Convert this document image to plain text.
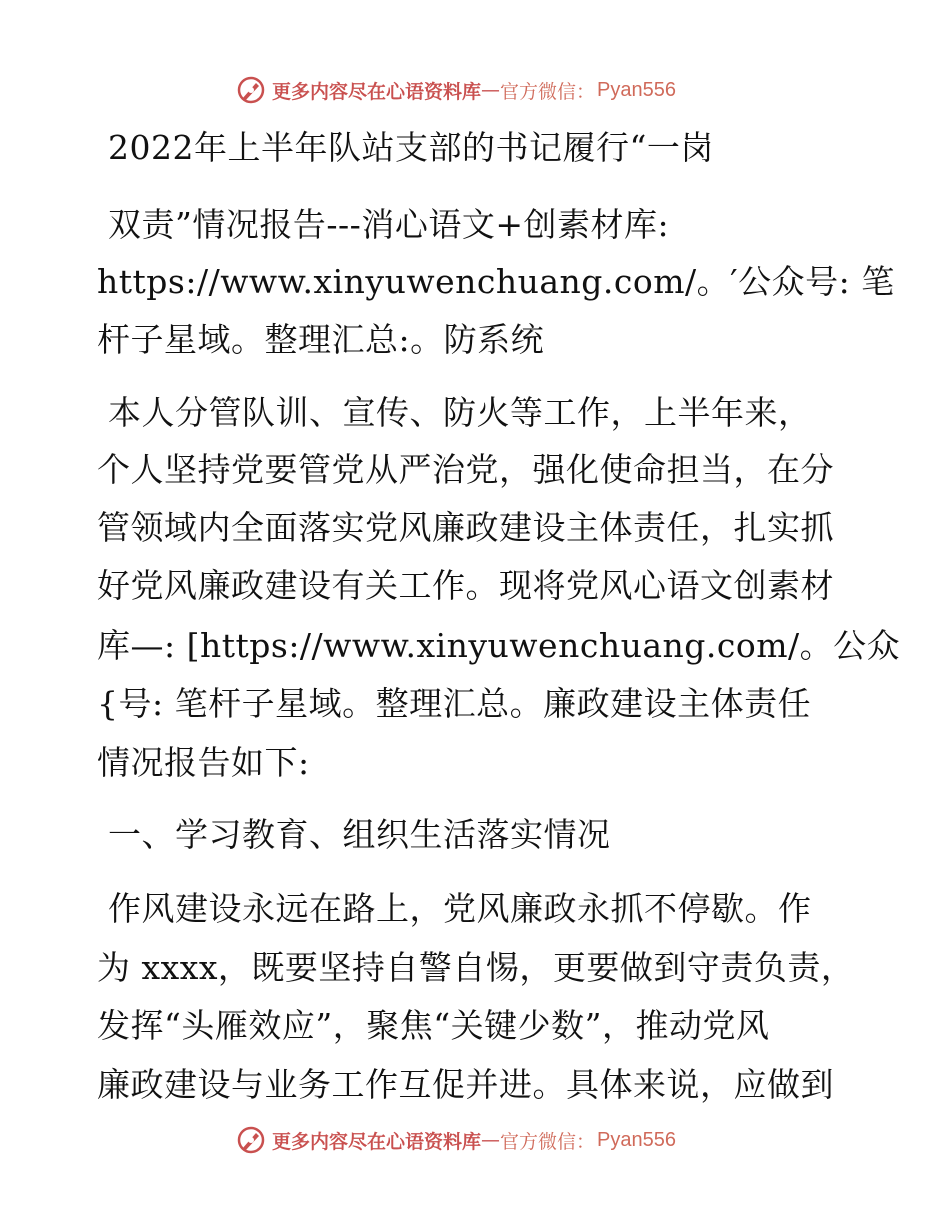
更多内容尽在心语资料库 — 官方微信： Pyan556
2022年上半年队站支部的书记履行“一岗
双责”情况报告---消心语文+创素材库:
https://www.xinyuwenchuang.com/。′公众号: 笔
杆子星域。整理汇总:。防系统
本人分管队训、宣传、防火等工作，上半年来，
个人坚持党要管党从严治党，强化使命担当，在分
管领域内全面落实党风廉政建设主体责任，扎实抓
好党风廉政建设有关工作。现将党风心语文创素材
库—: [https://www.xinyuwenchuang.com/。公众
{号: 笔杆子星域。整理汇总。廉政建设主体责任
情况报告如下:
一、学习教育、组织生活落实情况
作风建设永远在路上，党风廉政永抓不停歇。作
为 xxxx，既要坚持自警自惕，更要做到守责负责，
发挥“头雁效应”，聚焦“关键少数”，推动党风
廉政建设与业务工作互促并进。具体来说，应做到
更多内容尽在心语资料库 — 官方微信： Pyan556
